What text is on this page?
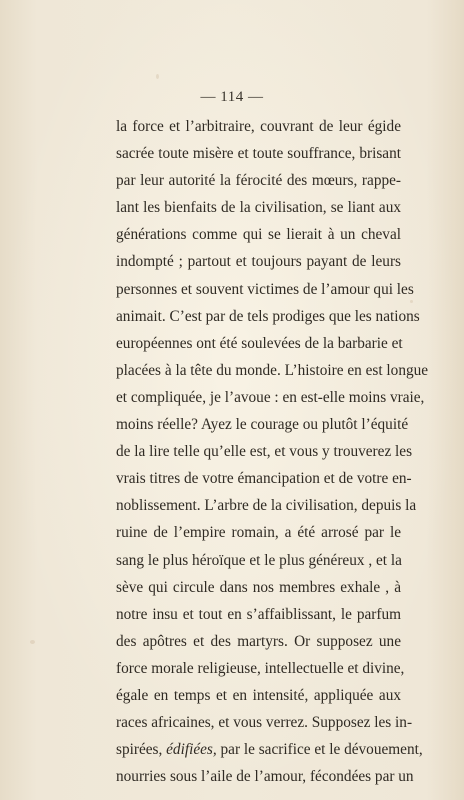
— 114 —
la force et l’arbitraire, couvrant de leur égide
sacrée toute misère et toute souffrance, brisant
par leur autorité la férocité des mœurs, rappe-
lant les bienfaits de la civilisation, se liant aux
générations comme qui se lierait à un cheval
indompté ; partout et toujours payant de leurs
personnes et souvent victimes de l’amour qui les
animait. C’est par de tels prodiges que les nations
européennes ont été soulevées de la barbarie et
placées à la tête du monde. L’histoire en est longue
et compliquée, je l’avoue : en est-elle moins vraie,
moins réelle? Ayez le courage ou plutôt l’équité
de la lire telle qu’elle est, et vous y trouverez les
vrais titres de votre émancipation et de votre en-
noblissement. L’arbre de la civilisation, depuis la
ruine de l’empire romain, a été arrosé par le
sang le plus héroïque et le plus généreux , et la
sève qui circule dans nos membres exhale , à
notre insu et tout en s’affaiblissant, le parfum
des apôtres et des martyrs. Or supposez une
force morale religieuse, intellectuelle et divine,
égale en temps et en intensité, appliquée aux
races africaines, et vous verrez. Supposez les in-
spirées, édifiées, par le sacrifice et le dévouement,
nourries sous l’aile de l’amour, fécondées par un
